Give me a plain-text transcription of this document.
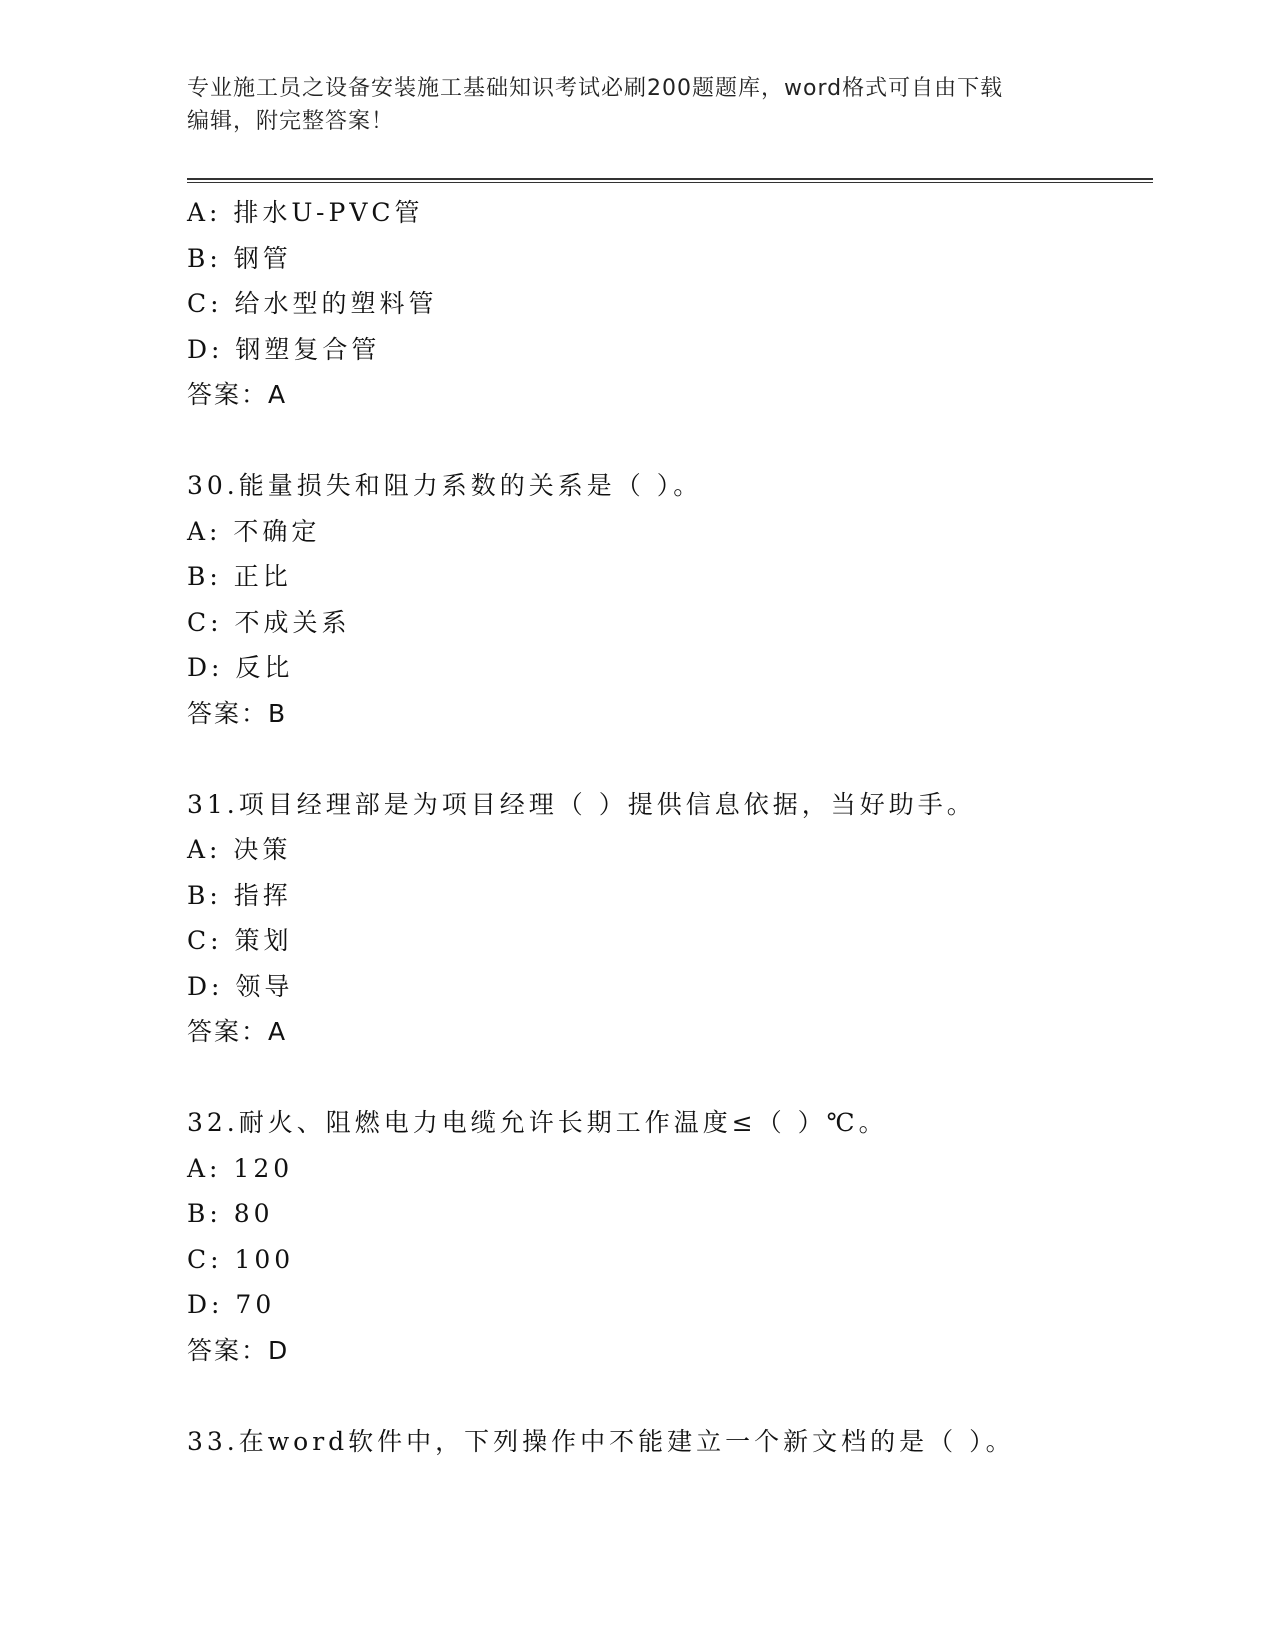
专业施工员之设备安装施工基础知识考试必刷200题题库，word格式可自由下载
编辑，附完整答案！
A: 排水U-PVC管
B: 钢管
C: 给水型的塑料管
D: 钢塑复合管
答案：A
30.能量损失和阻力系数的关系是（ ）。
A: 不确定
B: 正比
C: 不成关系
D: 反比
答案：B
31.项目经理部是为项目经理（ ）提供信息依据，当好助手。
A: 决策
B: 指挥
C: 策划
D: 领导
答案：A
32.耐火、阻燃电力电缆允许长期工作温度≤（ ）℃。
A: 120
B: 80
C: 100
D: 70
答案：D
33.在word软件中，下列操作中不能建立一个新文档的是（ ）。
